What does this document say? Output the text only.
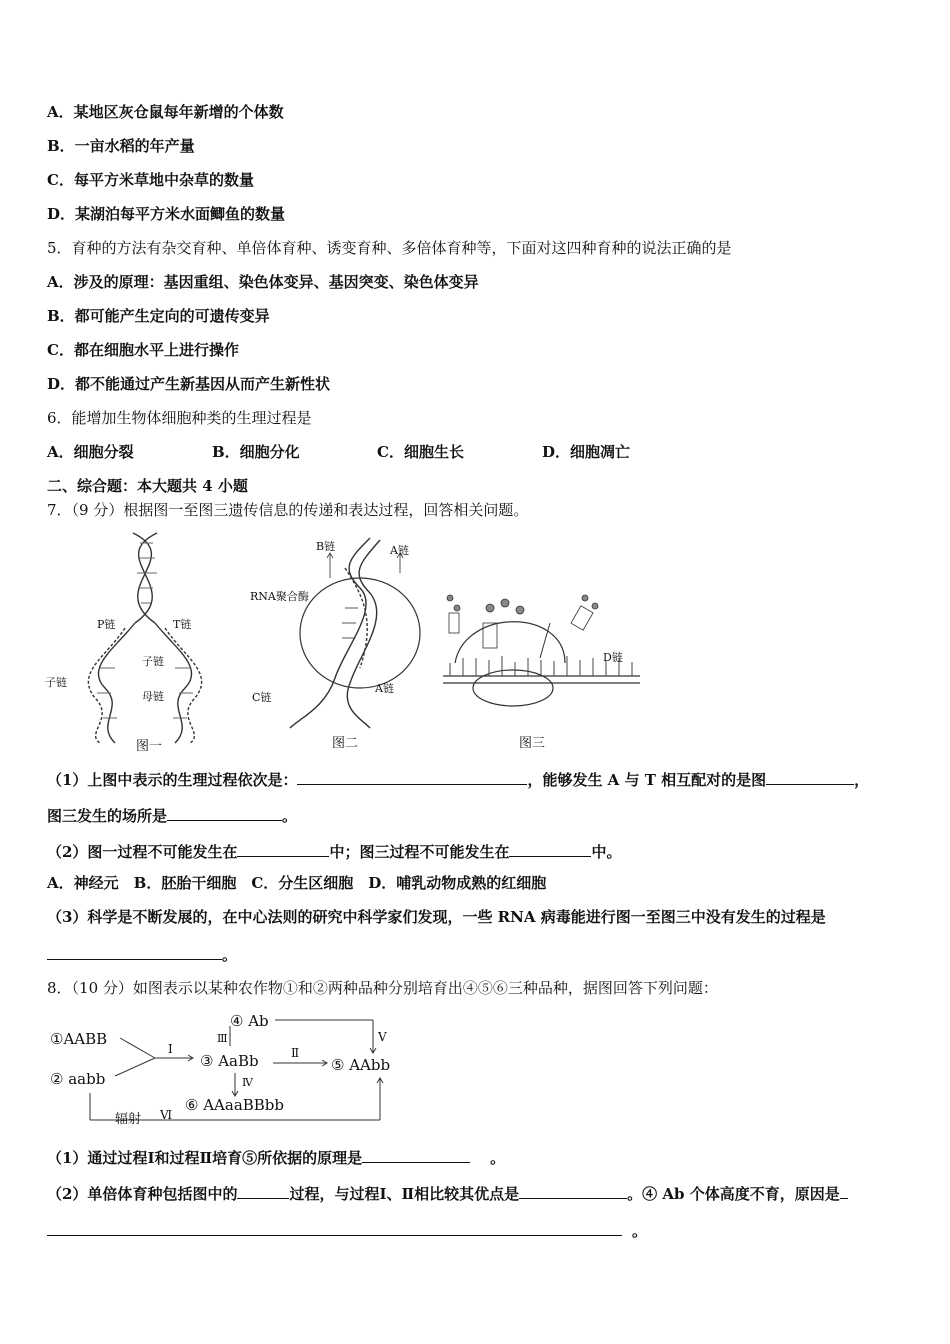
A．某地区灰仓鼠每年新增的个体数
B．一亩水稻的年产量
C．每平方米草地中杂草的数量
D．某湖泊每平方米水面鲫鱼的数量
5．育种的方法有杂交育种、单倍体育种、诱变育种、多倍体育种等，下面对这四种育种的说法正确的是
A．涉及的原理：基因重组、染色体变异、基因突变、染色体变异
B．都可能产生定向的可遗传变异
C．都在细胞水平上进行操作
D．都不能通过产生新基因从而产生新性状
6．能增加生物体细胞种类的生理过程是
A．细胞分裂	B．细胞分化	C．细胞生长	D．细胞凋亡
二、综合题：本大题共 4 小题
7．（9 分）根据图一至图三遗传信息的传递和表达过程，回答相关问题。
P链	T链
子链
子链
母链
图一
B链	A链
RNA聚合酶
C链
A链
图二
D链
图三
（1）上图中表示的生理过程依次是：	，能够发生 A 与 T 相互配对的是图	，
图三发生的场所是	。
（2）图一过程不可能发生在	中；图三过程不可能发生在	中。
A．神经元　B．胚胎干细胞　C．分生区细胞　D．哺乳动物成熟的红细胞
（3）科学是不断发展的，在中心法则的研究中科学家们发现，一些 RNA 病毒能进行图一至图三中没有发生的过程是
。
8．（10 分）如图表示以某种农作物①和②两种品种分别培育出④⑤⑥三种品种，据图回答下列问题：
①AABB
② aabb
Ⅰ
③ AaBb
Ⅲ
④ Ab
Ⅴ
Ⅱ
⑤ AAbb
Ⅳ
⑥ AAaaBBbb
辐射 Ⅵ
（1）通过过程Ⅰ和过程Ⅱ培育⑤所依据的原理是	。
（2）单倍体育种包括图中的	过程，与过程Ⅰ、Ⅱ相比较其优点是	。④ Ab 个体高度不育，原因是
。
